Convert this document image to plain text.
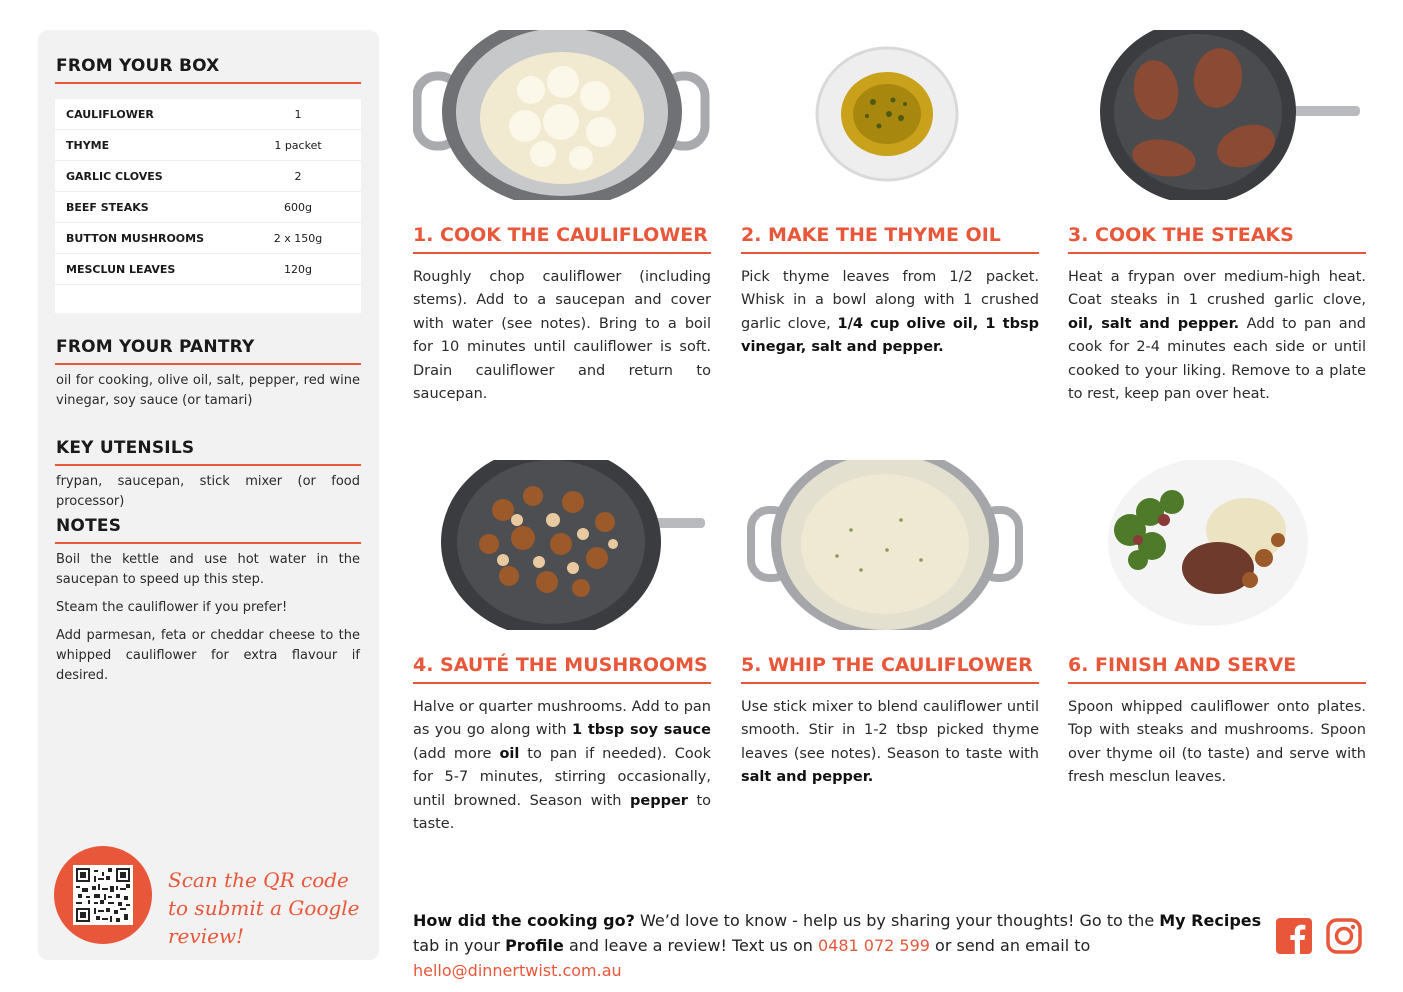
FROM YOUR BOX
CAULIFLOWER	1
THYME	1 packet
GARLIC CLOVES	2
BEEF STEAKS	600g
BUTTON MUSHROOMS	2 x 150g
MESCLUN LEAVES	120g
FROM YOUR PANTRY
oil for cooking, olive oil, salt, pepper, red wine vinegar, soy sauce (or tamari)
KEY UTENSILS
frypan, saucepan, stick mixer (or food processor)
NOTES
Boil the kettle and use hot water in the saucepan to speed up this step.
Steam the cauliflower if you prefer!
Add parmesan, feta or cheddar cheese to the whipped cauliflower for extra flavour if desired.
Scan the QR code to submit a Google review!
1. COOK THE CAULIFLOWER
Roughly chop cauliflower (including stems). Add to a saucepan and cover with water (see notes). Bring to a boil for 10 minutes until cauliflower is soft. Drain cauliflower and return to saucepan.
2. MAKE THE THYME OIL
Pick thyme leaves from 1/2 packet. Whisk in a bowl along with 1 crushed garlic clove, 1/4 cup olive oil, 1 tbsp vinegar, salt and pepper.
3. COOK THE STEAKS
Heat a frypan over medium-high heat. Coat steaks in 1 crushed garlic clove, oil, salt and pepper. Add to pan and cook for 2-4 minutes each side or until cooked to your liking. Remove to a plate to rest, keep pan over heat.
4. SAUTÉ THE MUSHROOMS
Halve or quarter mushrooms. Add to pan as you go along with 1 tbsp soy sauce (add more oil to pan if needed). Cook for 5-7 minutes, stirring occasionally, until browned. Season with pepper to taste.
5. WHIP THE CAULIFLOWER
Use stick mixer to blend cauliflower until smooth. Stir in 1-2 tbsp picked thyme leaves (see notes). Season to taste with salt and pepper.
6. FINISH AND SERVE
Spoon whipped cauliflower onto plates. Top with steaks and mushrooms. Spoon over thyme oil (to taste) and serve with fresh mesclun leaves.
How did the cooking go? We’d love to know - help us by sharing your thoughts! Go to the My Recipes tab in your Profile and leave a review! Text us on 0481 072 599 or send an email to hello@dinnertwist.com.au
